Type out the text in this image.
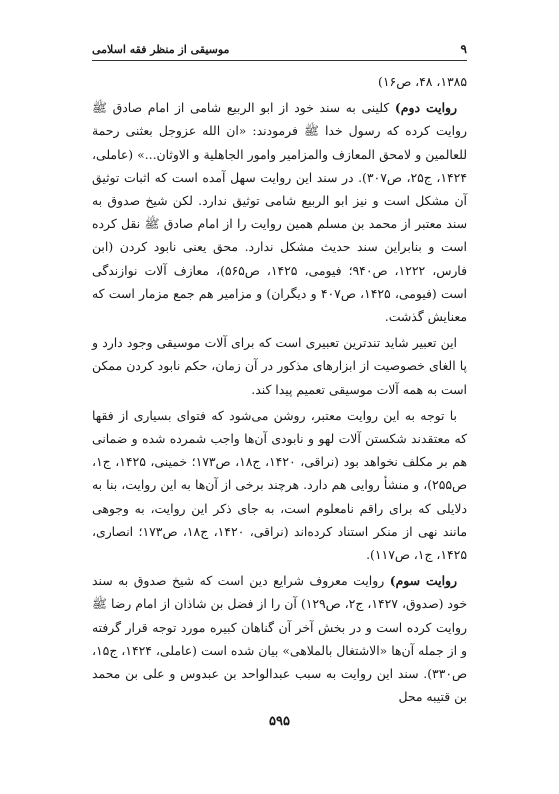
۹
موسیقی از منظر فقه اسلامی

۱۳۸۵، ۴۸، ص۱۶)

روایت دوم) کلینی به سند خود از ابو الربیع شامی از امام صادق ﷺ روایت کرده که رسول خدا ﷺ فرمودند: «ان الله عزوجل بعثنی رحمة للعالمین و لامحق المعازف والمزامیر وامور الجاهلیة و الاوثان...» (عاملی، ۱۴۲۴، ج۲۵، ص۳۰۷). در سند این روایت سهل آمده است که اثبات توثیق آن مشکل است و نیز ابو الربیع شامی توثیق ندارد. لکن شیخ صدوق به سند معتبر از محمد بن مسلم همین روایت را از امام صادق ﷺ نقل کرده است و بنابراین سند حدیث مشکل ندارد. محق یعنی نابود کردن (ابن فارس، ۱۲۲۲، ص۹۴۰؛ فیومی، ۱۴۲۵، ص۵۶۵)، معازف آلات نوازندگی است (فیومی، ۱۴۲۵، ص۴۰۷ و دیگران) و مزامیر هم جمع مزمار است که معنایش گذشت.

این تعبیر شاید تندترین تعبیری است که برای آلات موسیقی وجود دارد و پا الغای خصوصیت از ابزارهای مذکور در آن زمان، حکم نابود کردن ممکن است به همه آلات موسیقی تعمیم پیدا کند.

با توجه به این روایت معتبر، روشن می‌شود که فتوای بسیاری از فقها که معتقدند شکستن آلات لهو و نابودی آن‌ها واجب شمرده شده و ضمانی هم بر مکلف نخواهد بود (نراقی، ۱۴۲۰، ج۱۸، ص۱۷۳؛ خمینی، ۱۴۲۵، ج۱، ص۲۵۵)، و منشأ روایی هم دارد. هرچند برخی از آن‌ها به این روایت، بنا به دلایلی که برای راقم نامعلوم است، به جای ذکر این روایت، به وجوهی مانند نهی از منکر استناد کرده‌اند (نراقی، ۱۴۲۰، ج۱۸، ص۱۷۳؛ انصاری، ۱۴۲۵، ج۱، ص۱۱۷).

روایت سوم) روایت معروف شرایع دین است که شیخ صدوق به سند خود (صدوق، ۱۴۲۷، ج۲، ص۱۲۹) آن را از فضل بن شاذان از امام رضا ﷺ روایت کرده است و در بخش آخر آن گناهان کبیره مورد توجه قرار گرفته و از جمله آن‌ها «الاشتغال بالملاهی» بیان شده است (عاملی، ۱۴۲۴، ج۱۵، ص۳۳۰). سند این روایت به سبب عبدالواحد بن عبدوس و علی بن محمد بن قتیبه محل

۵۹۵
